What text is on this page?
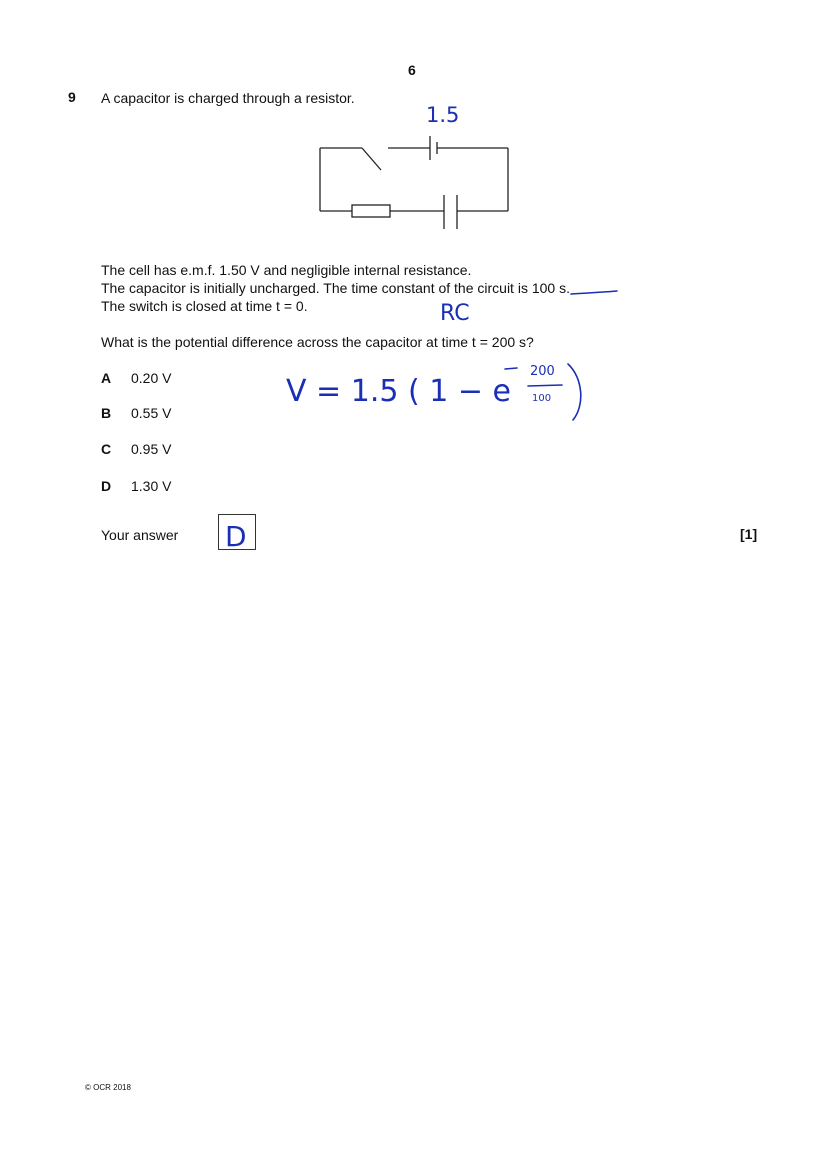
6
9 A capacitor is charged through a resistor.
The cell has e.m.f. 1.50 V and negligible internal resistance.
The capacitor is initially uncharged. The time constant of the circuit is 100 s.
The switch is closed at time t = 0.
What is the potential difference across the capacitor at time t = 200 s?
A 0.20 V
B 0.55 V
C 0.95 V
D 1.30 V
Your answer	[1]
1.5
RC
V = 1.5 ( 1 − e
200
100
D
© OCR 2018
